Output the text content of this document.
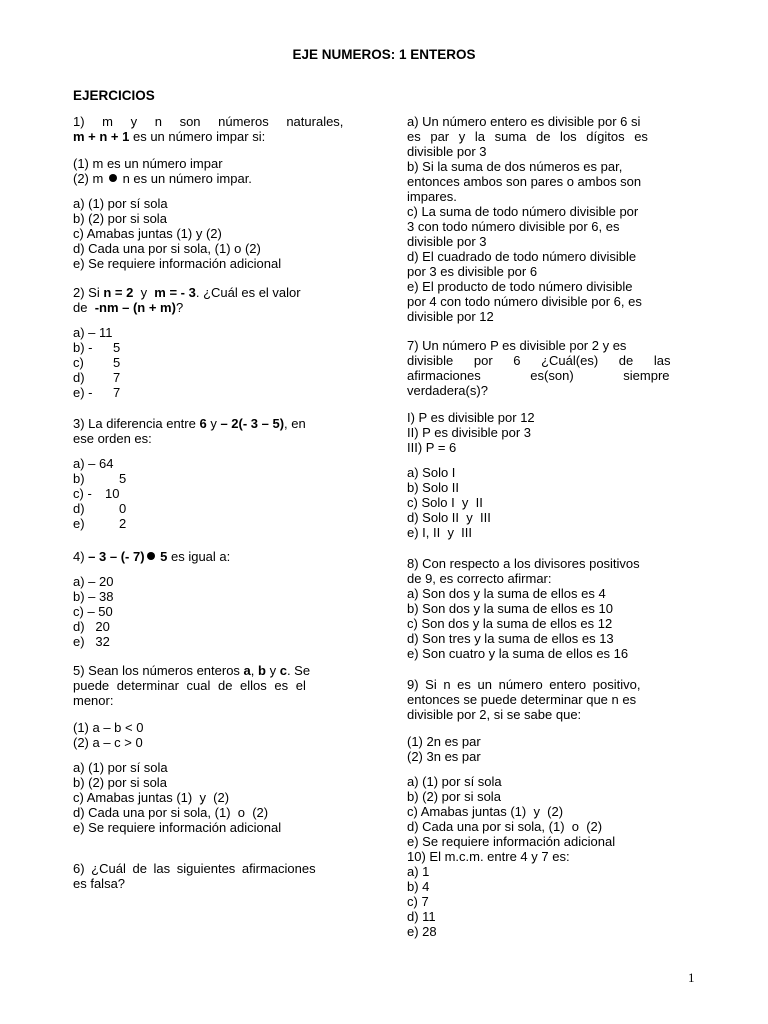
EJE NUMEROS: 1 ENTEROS
EJERCICIOS
1) m y n son números naturales,
m + n + 1 es un número impar si:
(1) m es un número impar
(2) m  n es un número impar.
a) (1) por sí sola
b) (2) por si sola
c) Amabas juntas (1) y (2)
d) Cada una por si sola, (1) o (2)
e) Se requiere información adicional
2) Si n = 2  y  m = - 3. ¿Cuál es el valor
de  -nm – (n + m)?
a) – 11
b) - 5
c) 5
d) 7
e) - 7
3) La diferencia entre 6 y – 2(- 3 – 5), en
ese orden es:
a) – 64
b)	5
c) - 10
d)	0
e)	2
4) – 3 – (- 7) 5 es igual a:
a) – 20
b) – 38
c) – 50
d)   20
e)   32
5) Sean los números enteros a, b y c. Se
puede determinar cual de ellos es el
menor:
(1) a – b < 0
(2) a – c > 0
a) (1) por sí sola
b) (2) por si sola
c) Amabas juntas (1)  y  (2)
d) Cada una por si sola, (1)  o  (2)
e) Se requiere información adicional
6) ¿Cuál de las siguientes afirmaciones
es falsa?
a) Un número entero es divisible por 6 si
es par y la suma de los dígitos es
divisible por 3
b) Si la suma de dos números es par,
entonces ambos son pares o ambos son
impares.
c) La suma de todo número divisible por
3 con todo número divisible por 6, es
divisible por 3
d) El cuadrado de todo número divisible
por 3 es divisible por 6
e) El producto de todo número divisible
por 4 con todo número divisible por 6, es
divisible por 12
7) Un número P es divisible por 2 y es
divisible por 6 ¿Cuál(es) de las
afirmaciones es(son) siempre
verdadera(s)?
I) P es divisible por 12
II) P es divisible por 3
III) P = 6
a) Solo I
b) Solo II
c) Solo I  y  II
d) Solo II  y  III
e) I, II  y  III
8) Con respecto a los divisores positivos
de 9, es correcto afirmar:
a) Son dos y la suma de ellos es 4
b) Son dos y la suma de ellos es 10
c) Son dos y la suma de ellos es 12
d) Son tres y la suma de ellos es 13
e) Son cuatro y la suma de ellos es 16
9) Si n es un número entero positivo,
entonces se puede determinar que n es
divisible por 2, si se sabe que:
(1) 2n es par
(2) 3n es par
a) (1) por sí sola
b) (2) por si sola
c) Amabas juntas (1)  y  (2)
d) Cada una por si sola, (1)  o  (2)
e) Se requiere información adicional
10) El m.c.m. entre 4 y 7 es:
a) 1
b) 4
c) 7
d) 11
e) 28
1
